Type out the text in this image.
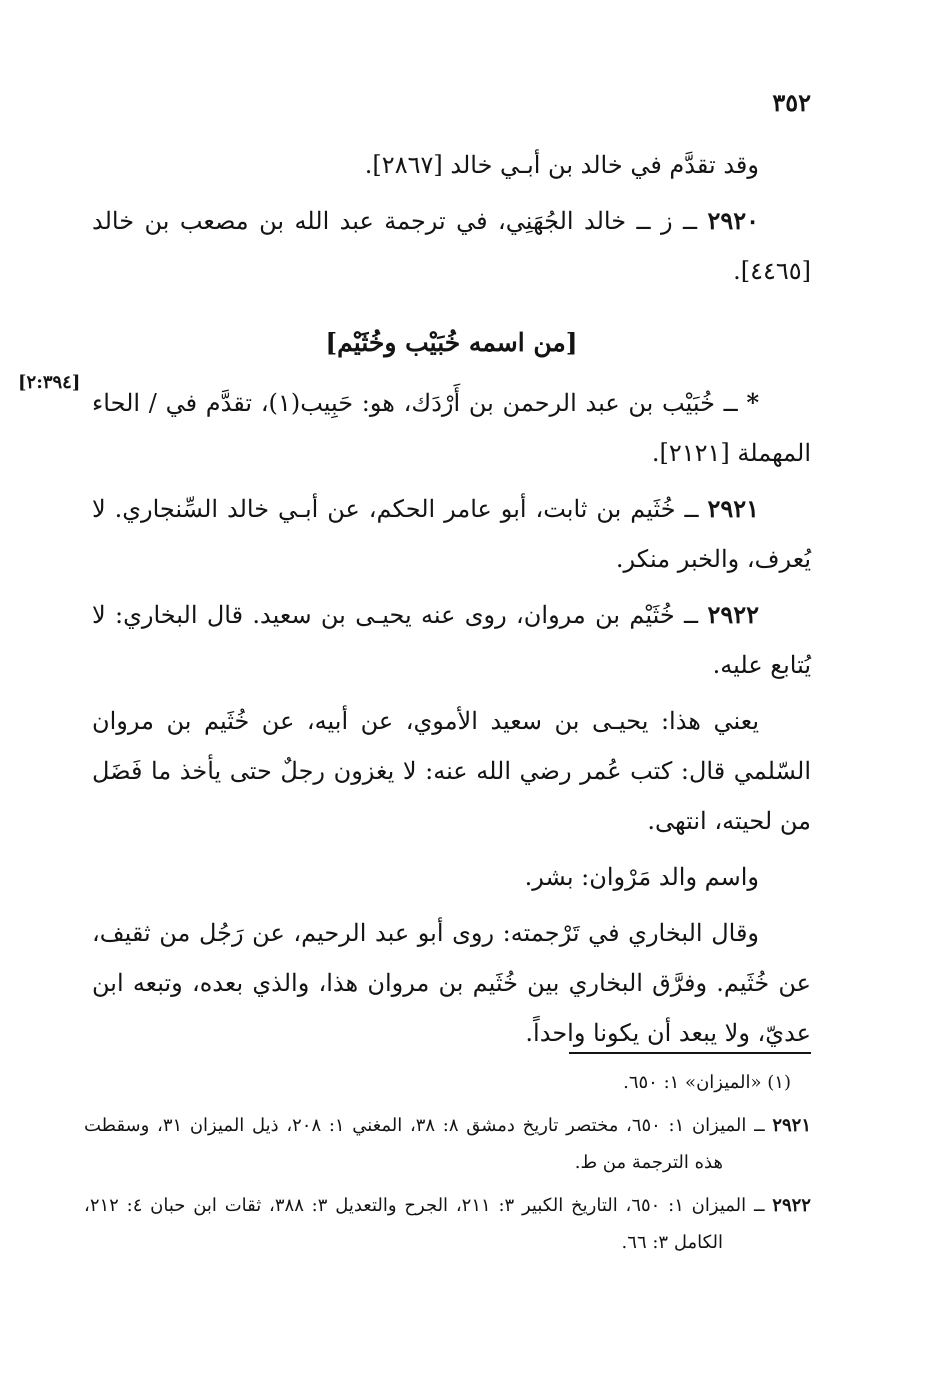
٣٥٢
[٢:٣٩٤]

وقد تقدَّم في خالد بن أبـي خالد [٢٨٦٧].

٢٩٢٠ ــ ز ــ خالد الجُهَنِي، في ترجمة عبد الله بن مصعب بن خالد [٤٤٦٥].

[من اسمه خُبَيْب وخُثَيْم]

* ــ خُبَيْب بن عبد الرحمن بن أَرْدَك، هو: حَبِيب(١)، تقدَّم في / الحاء المهملة [٢١٢١].

٢٩٢١ ــ خُثَيم بن ثابت، أبو عامر الحكم، عن أبـي خالد السِّنجاري. لا يُعرف، والخبر منكر.

٢٩٢٢ ــ خُثَيْم بن مروان، روى عنه يحيـى بن سعيد. قال البخاري: لا يُتابع عليه.

يعني هذا: يحيـى بن سعيد الأموي، عن أبيه، عن خُثَيم بن مروان السّلمي قال: كتب عُمر رضي الله عنه: لا يغزون رجلٌ حتى يأخذ ما فَضَل من لحيته، انتهى.

واسم والد مَرْوان: بشر.

وقال البخاري في تَرْجمته: روى أبو عبد الرحيم، عن رَجُل من ثقيف، عن خُثَيم. وفرَّق البخاري بين خُثَيم بن مروان هذا، والذي بعده، وتبعه ابن عديّ، ولا يبعد أن يكونا واحداً.

(١) «الميزان» ١: ٦٥٠.

٢٩٢١ ــ الميزان ١: ٦٥٠، مختصر تاريخ دمشق ٨: ٣٨، المغني ١: ٢٠٨، ذيل الميزان ٣١، وسقطت هذه الترجمة من ط.

٢٩٢٢ ــ الميزان ١: ٦٥٠، التاريخ الكبير ٣: ٢١١، الجرح والتعديل ٣: ٣٨٨، ثقات ابن حبان ٤: ٢١٢، الكامل ٣: ٦٦.
